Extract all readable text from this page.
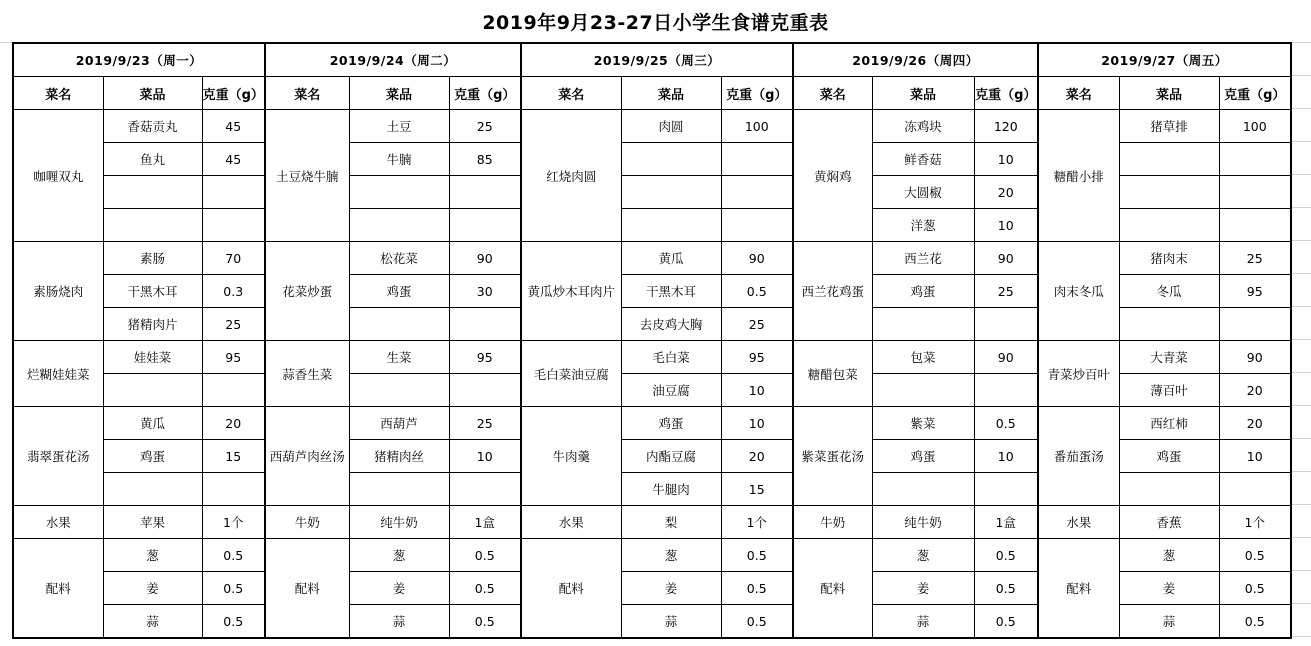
2019年9月23-27日小学生食谱克重表
2019/9/23（周一）			2019/9/24（周二）			2019/9/25（周三）			2019/9/26（周四）			2019/9/27（周五）		
菜名	菜品	克重（g）	菜名	菜品	克重（g）	菜名	菜品	克重（g）	菜名	菜品	克重（g）	菜名	菜品	克重（g）
咖喱双丸	香菇贡丸	45	土豆烧牛腩	土豆	25	红烧肉圆	肉圆	100	黄焖鸡	冻鸡块	120	糖醋小排	猪草排	100
	鱼丸	45		牛腩	85					鲜香菇	10			
										大圆椒	20			
										洋葱	10			
素肠烧肉	素肠	70	花菜炒蛋	松花菜	90	黄瓜炒木耳肉片	黄瓜	90	西兰花鸡蛋	西兰花	90	肉末冬瓜	猪肉末	25
	干黑木耳	0.3		鸡蛋	30		干黑木耳	0.5		鸡蛋	25		冬瓜	95
	猪精肉片	25					去皮鸡大胸	25						
烂糊娃娃菜	娃娃菜	95	蒜香生菜	生菜	95	毛白菜油豆腐	毛白菜	95	糖醋包菜	包菜	90	青菜炒百叶	大青菜	90
							油豆腐	10					薄百叶	20
翡翠蛋花汤	黄瓜	20	西葫芦肉丝汤	西葫芦	25	牛肉羹	鸡蛋	10	紫菜蛋花汤	紫菜	0.5	番茄蛋汤	西红柿	20
	鸡蛋	15		猪精肉丝	10		内酯豆腐	20		鸡蛋	10		鸡蛋	10
							牛腿肉	15						
水果	苹果	1个	牛奶	纯牛奶	1盒	水果	梨	1个	牛奶	纯牛奶	1盒	水果	香蕉	1个
配料	葱	0.5	配料	葱	0.5	配料	葱	0.5	配料	葱	0.5	配料	葱	0.5
	姜	0.5		姜	0.5		姜	0.5		姜	0.5		姜	0.5
	蒜	0.5		蒜	0.5		蒜	0.5		蒜	0.5		蒜	0.5
